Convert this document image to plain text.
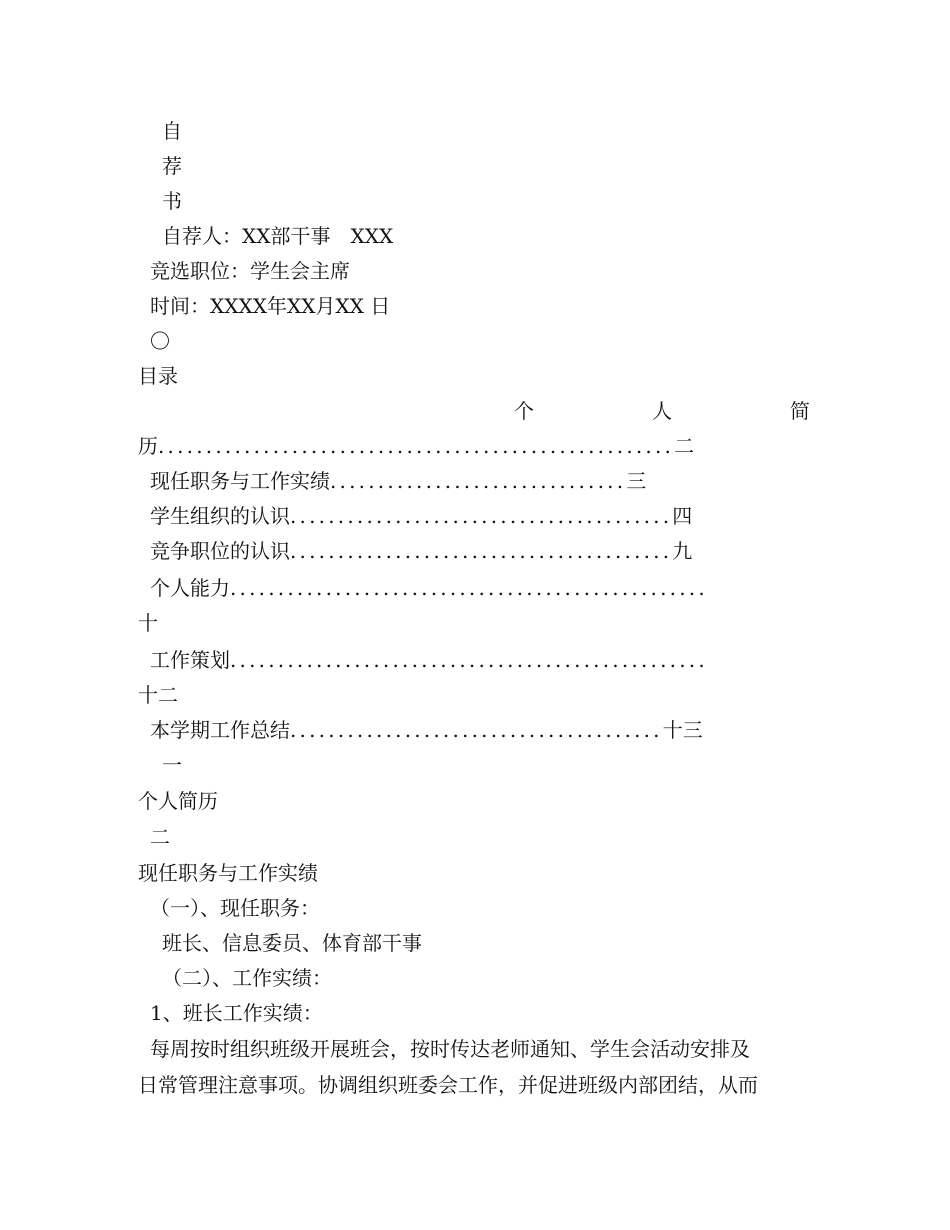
自
荐
书
自荐人：XX部干事　XXX
竞选职位：学生会主席
时间：XXXX年XX月XX 日
〇
目录
个	人	简
历 ...................................................... 二
现任职务与工作实绩 ............................... 三
学生组织的认识 ........................................ 四
竞争职位的认识 ........................................ 九
个人能力 ..................................................
十
工作策划 ..................................................
十二
本学期工作总结 ....................................... 十三
一
个人简历
二
现任职务与工作实绩
（一）、现任职务：
班长、信息委员、体育部干事
（二）、工作实绩：
1、班长工作实绩：
每周按时组织班级开展班会，按时传达老师通知、学生会活动安排及
日常管理注意事项。协调组织班委会工作，并促进班级内部团结，从而
